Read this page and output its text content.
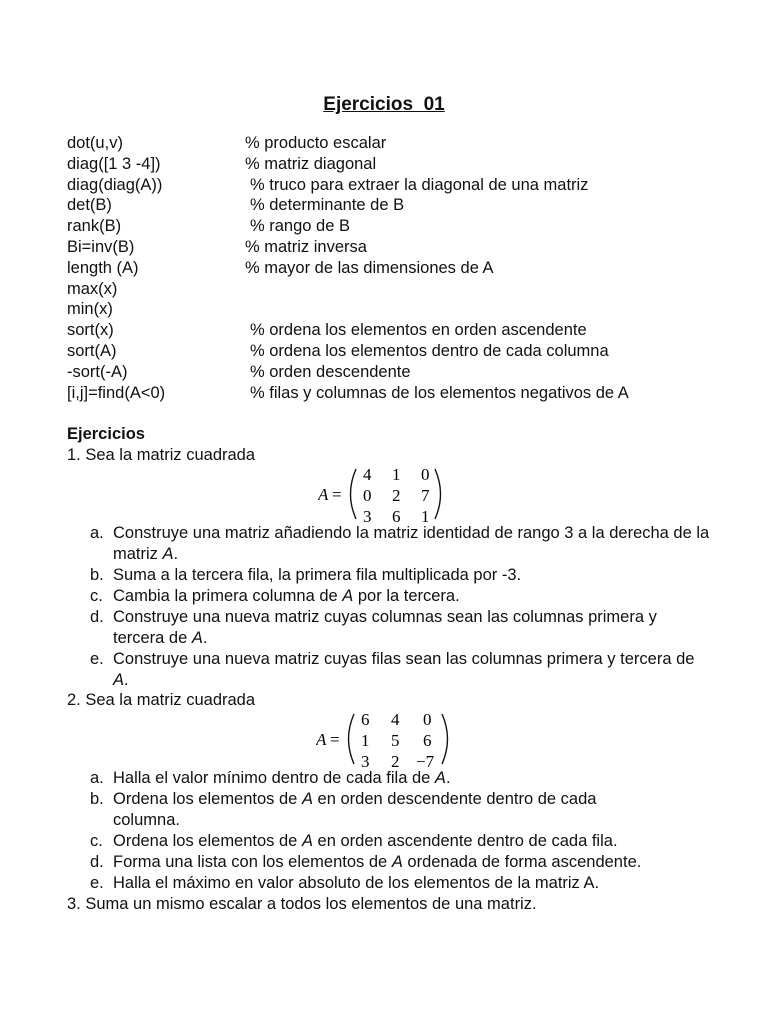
Ejercicios  01
dot(u,v)	% producto escalar
diag([1 3 -4])	% matriz diagonal
diag(diag(A))	% truco para extraer la diagonal de una matriz
det(B)	% determinante de B
rank(B)	% rango de B
Bi=inv(B)	% matriz inversa
length (A)	% mayor de las dimensiones de A
max(x)
min(x)
sort(x)	% ordena los elementos en orden ascendente
sort(A)	% ordena los elementos dentro de cada columna
-sort(-A)	% orden descendente
[i,j]=find(A<0)	% filas y columnas de los elementos negativos de A
Ejercicios
1. Sea la matriz cuadrada
A =
4 1 0
0 2 7
3 6 1
a. Construye una matriz añadiendo la matriz identidad de rango 3 a la derecha de la matriz A.
b. Suma a la tercera fila, la primera fila multiplicada por -3.
c. Cambia la primera columna de A por la tercera.
d. Construye una nueva matriz cuyas columnas sean las columnas primera y tercera de A.
e. Construye una nueva matriz cuyas filas sean las columnas primera y tercera de A.
2. Sea la matriz cuadrada
A =
6 4 0
1 5 6
3 2 −7
a. Halla el valor mínimo dentro de cada fila de A.
b. Ordena los elementos de A en orden descendente dentro de cada columna.
c. Ordena los elementos de A en orden ascendente dentro de cada fila.
d. Forma una lista con los elementos de A ordenada de forma ascendente.
e. Halla el máximo en valor absoluto de los elementos de la matriz A.
3. Suma un mismo escalar a todos los elementos de una matriz.
